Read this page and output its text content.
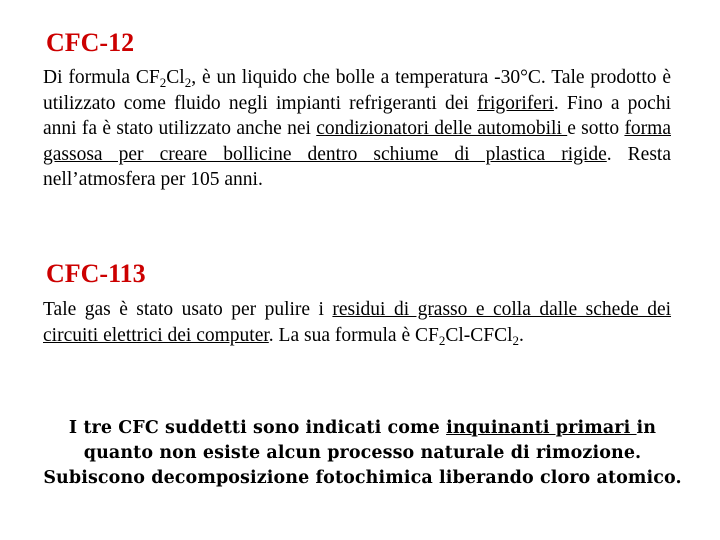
CFC-12

Di formula $CF_2Cl_2$, è un liquido che bolle a temperatura -30°C. Tale prodotto è utilizzato come fluido negli impianti refrigeranti dei frigoriferi. Fino a pochi anni fa è stato utilizzato anche nei condizionatori delle automobili e sotto forma gassosa per creare bollicine dentro schiume di plastica rigide. Resta nell’atmosfera per 105 anni.

CFC-113

Tale gas è stato usato per pulire i residui di grasso e colla dalle schede dei circuiti elettrici dei computer. La sua formula è $CF_2Cl-CFCl_2$.

I tre CFC suddetti sono indicati come inquinanti primari in quanto non esiste alcun processo naturale di rimozione. Subiscono decomposizione fotochimica liberando cloro atomico.
